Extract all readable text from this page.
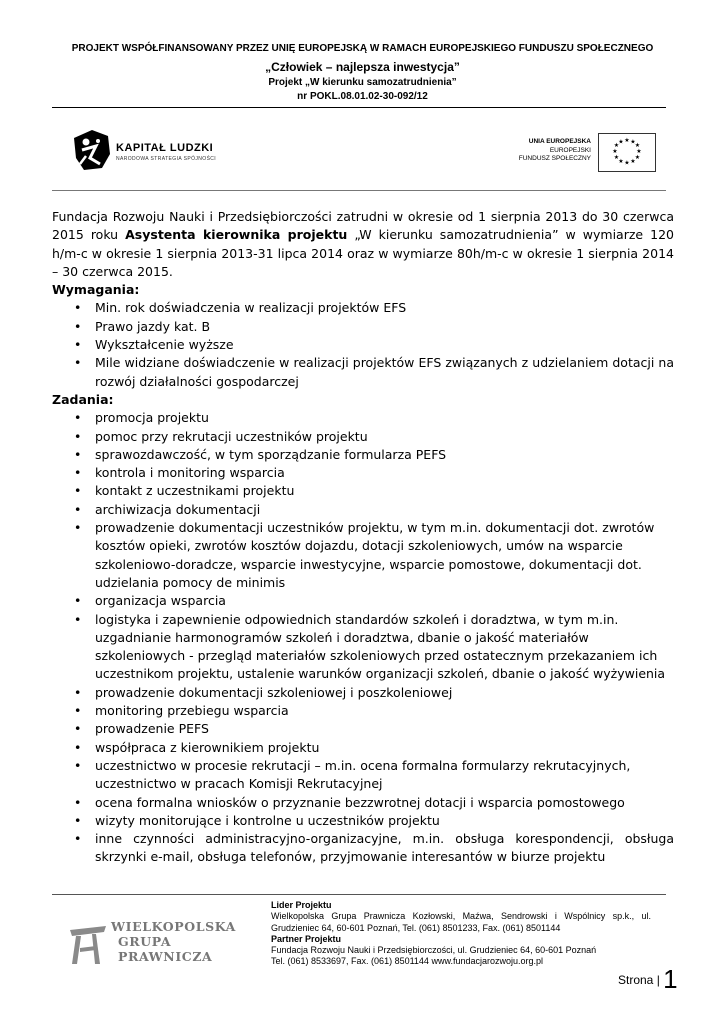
PROJEKT WSPÓŁFINANSOWANY PRZEZ UNIĘ EUROPEJSKĄ W RAMACH EUROPEJSKIEGO FUNDUSZU SPOŁECZNEGO
„Człowiek – najlepsza inwestycja”
Projekt „W kierunku samozatrudnienia”
nr POKL.08.01.02-30-092/12
KAPITAŁ LUDZKI
NARODOWA STRATEGIA SPÓJNOŚCI
UNIA EUROPEJSKA
EUROPEJSKI
FUNDUSZ SPOŁECZNY
★ ★ ★
★
★
★
★
★
★
★
★ ★

Fundacja Rozwoju Nauki i Przedsiębiorczości zatrudni w okresie od 1 sierpnia 2013 do 30 czerwca 2015 roku Asystenta kierownika projektu „W kierunku samozatrudnienia” w wymiarze 120 h/m-c w okresie 1 sierpnia 2013-31 lipca 2014 oraz w wymiarze 80h/m-c w okresie 1 sierpnia 2014 – 30 czerwca 2015.

Wymagania:

• Min. rok doświadczenia w realizacji projektów EFS
• Prawo jazdy kat. B
• Wykształcenie wyższe
• Mile widziane doświadczenie w realizacji projektów EFS związanych z udzielaniem dotacji na rozwój działalności gospodarczej

Zadania:

• promocja projektu
• pomoc przy rekrutacji uczestników projektu
• sprawozdawczość, w tym sporządzanie formularza PEFS
• kontrola i monitoring wsparcia
• kontakt z uczestnikami projektu
• archiwizacja dokumentacji
• prowadzenie dokumentacji uczestników projektu, w tym m.in. dokumentacji dot. zwrotów kosztów opieki, zwrotów kosztów dojazdu, dotacji szkoleniowych, umów na wsparcie szkoleniowo-doradcze, wsparcie inwestycyjne, wsparcie pomostowe, dokumentacji dot. udzielania pomocy de minimis
• organizacja wsparcia
• logistyka i zapewnienie odpowiednich standardów szkoleń i doradztwa, w tym m.in. uzgadnianie harmonogramów szkoleń i doradztwa, dbanie o jakość materiałów szkoleniowych - przegląd materiałów szkoleniowych przed ostatecznym przekazaniem ich uczestnikom projektu, ustalenie warunków organizacji szkoleń, dbanie o jakość wyżywienia
• prowadzenie dokumentacji szkoleniowej i poszkoleniowej
• monitoring przebiegu wsparcia
• prowadzenie PEFS
• współpraca z kierownikiem projektu
• uczestnictwo w procesie rekrutacji – m.in. ocena formalna formularzy rekrutacyjnych, uczestnictwo w pracach Komisji Rekrutacyjnej
• ocena formalna wniosków o przyznanie bezzwrotnej dotacji i wsparcia pomostowego
• wizyty monitorujące i kontrolne u uczestników projektu
• inne czynności administracyjno-organizacyjne, m.in. obsługa korespondencji, obsługa skrzynki e-mail, obsługa telefonów, przyjmowanie interesantów w biurze projektu
WIELKOPOLSKA
GRUPA
PRAWNICZA
Lider Projektu
Wielkopolska Grupa Prawnicza Kozłowski, Maźwa, Sendrowski i Wspólnicy sp.k., ul. Grudzieniec 64, 60-601 Poznań, Tel. (061) 8501233, Fax. (061) 8501144
Partner Projektu
Fundacja Rozwoju Nauki i Przedsiębiorczości, ul. Grudzieniec 64, 60-601 Poznań
Tel. (061) 8533697, Fax. (061) 8501144 www.fundacjarozwoju.org.pl
Strona | 1
